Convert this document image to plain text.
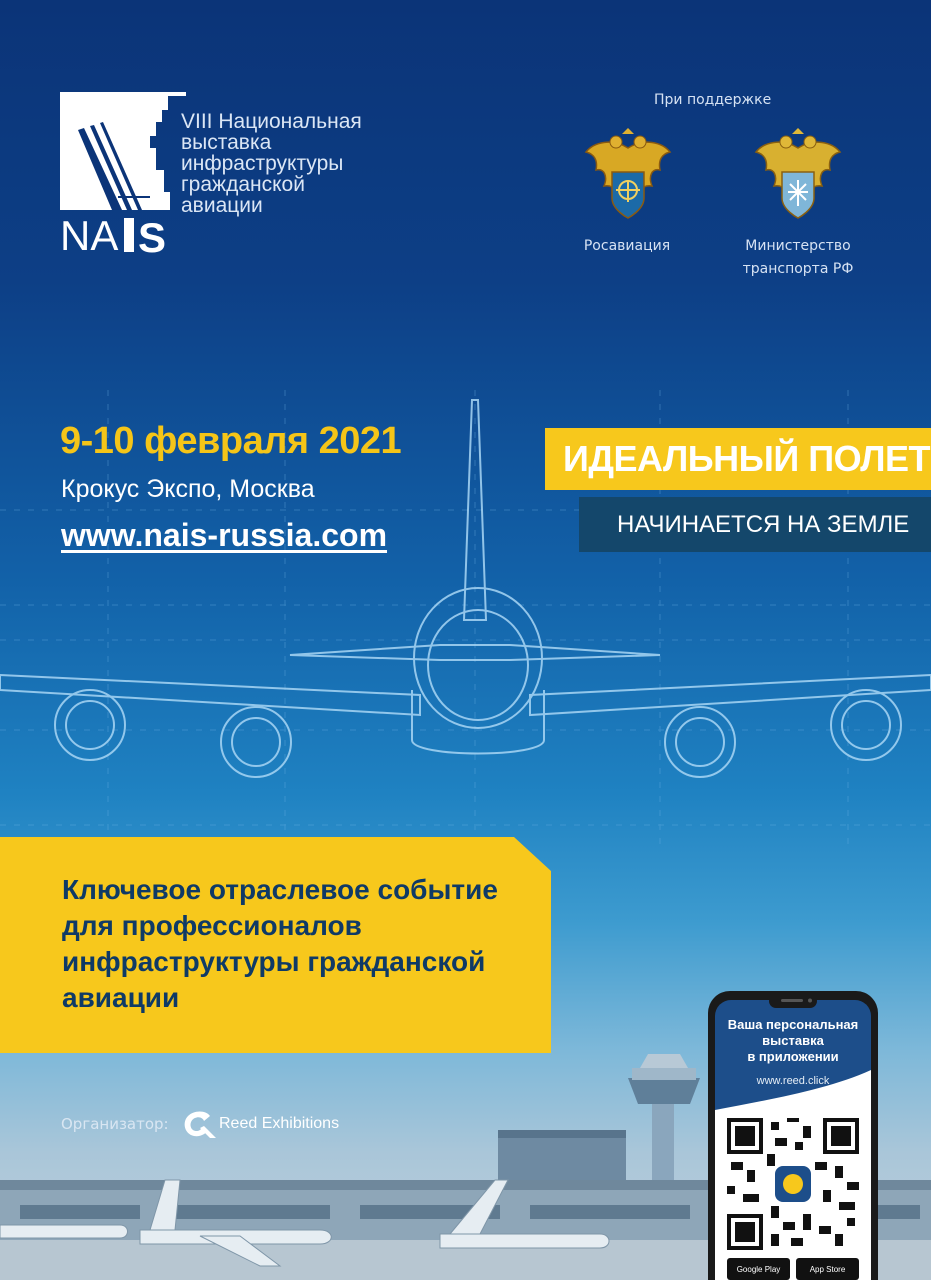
NA S
VIII Национальная
выставка
инфраструктуры
гражданской
авиации
При поддержке
Росавиация	Министерство
транспорта РФ
9-10 февраля 2021
Крокус Экспо, Москва
www.nais-russia.com
ИДЕАЛЬНЫЙ ПОЛЕТ
НАЧИНАЕТСЯ НА ЗЕМЛЕ
Ключевое отраслевое событие
для профессионалов
инфраструктуры гражданской
авиации
Организатор:	Reed Exhibitions
Ваша персональная
выставка
в приложении
www.reed.click
Google Play	App Store
